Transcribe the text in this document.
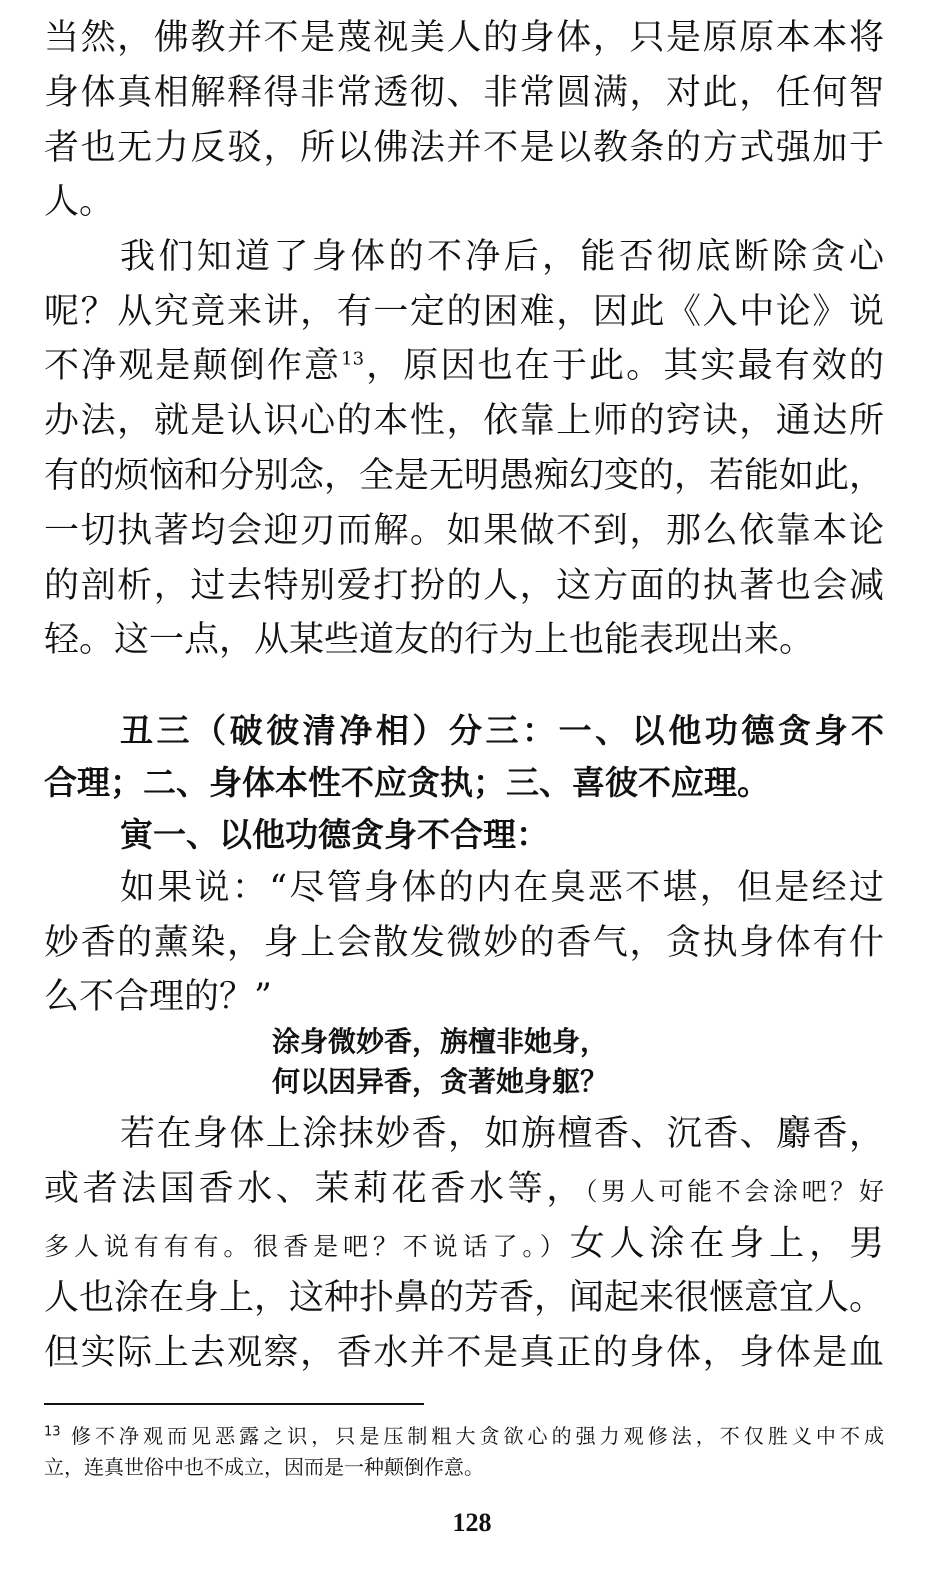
当然，佛教并不是蔑视美人的身体，只是原原本本将
身体真相解释得非常透彻、非常圆满，对此，任何智
者也无力反驳，所以佛法并不是以教条的方式强加于
人。
我们知道了身体的不净后，能否彻底断除贪心
呢？从究竟来讲，有一定的困难，因此《入中论》说
不净观是颠倒作意$^{13}$，原因也在于此。其实最有效的
办法，就是认识心的本性，依靠上师的窍诀，通达所
有的烦恼和分别念，全是无明愚痴幻变的，若能如此，
一切执著均会迎刃而解。如果做不到，那么依靠本论
的剖析，过去特别爱打扮的人，这方面的执著也会减
轻。这一点，从某些道友的行为上也能表现出来。
丑三（破彼清净相）分三：一、以他功德贪身不
合理；二、身体本性不应贪执；三、喜彼不应理。
寅一、以他功德贪身不合理：
如果说：“尽管身体的内在臭恶不堪，但是经过
妙香的薰染，身上会散发微妙的香气，贪执身体有什
么不合理的？”
涂身微妙香，旃檀非她身，
何以因异香，贪著她身躯？
若在身体上涂抹妙香，如旃檀香、沉香、麝香，
或者法国香水、茉莉花香水等，（男人可能不会涂吧？好
多人说有有有。很香是吧？不说话了。）女人涂在身上，男
人也涂在身上，这种扑鼻的芳香，闻起来很惬意宜人。
但实际上去观察，香水并不是真正的身体，身体是血
$^{13}$ 修不净观而见恶露之识，只是压制粗大贪欲心的强力观修法，不仅胜义中不成
立，连真世俗中也不成立，因而是一种颠倒作意。
128
